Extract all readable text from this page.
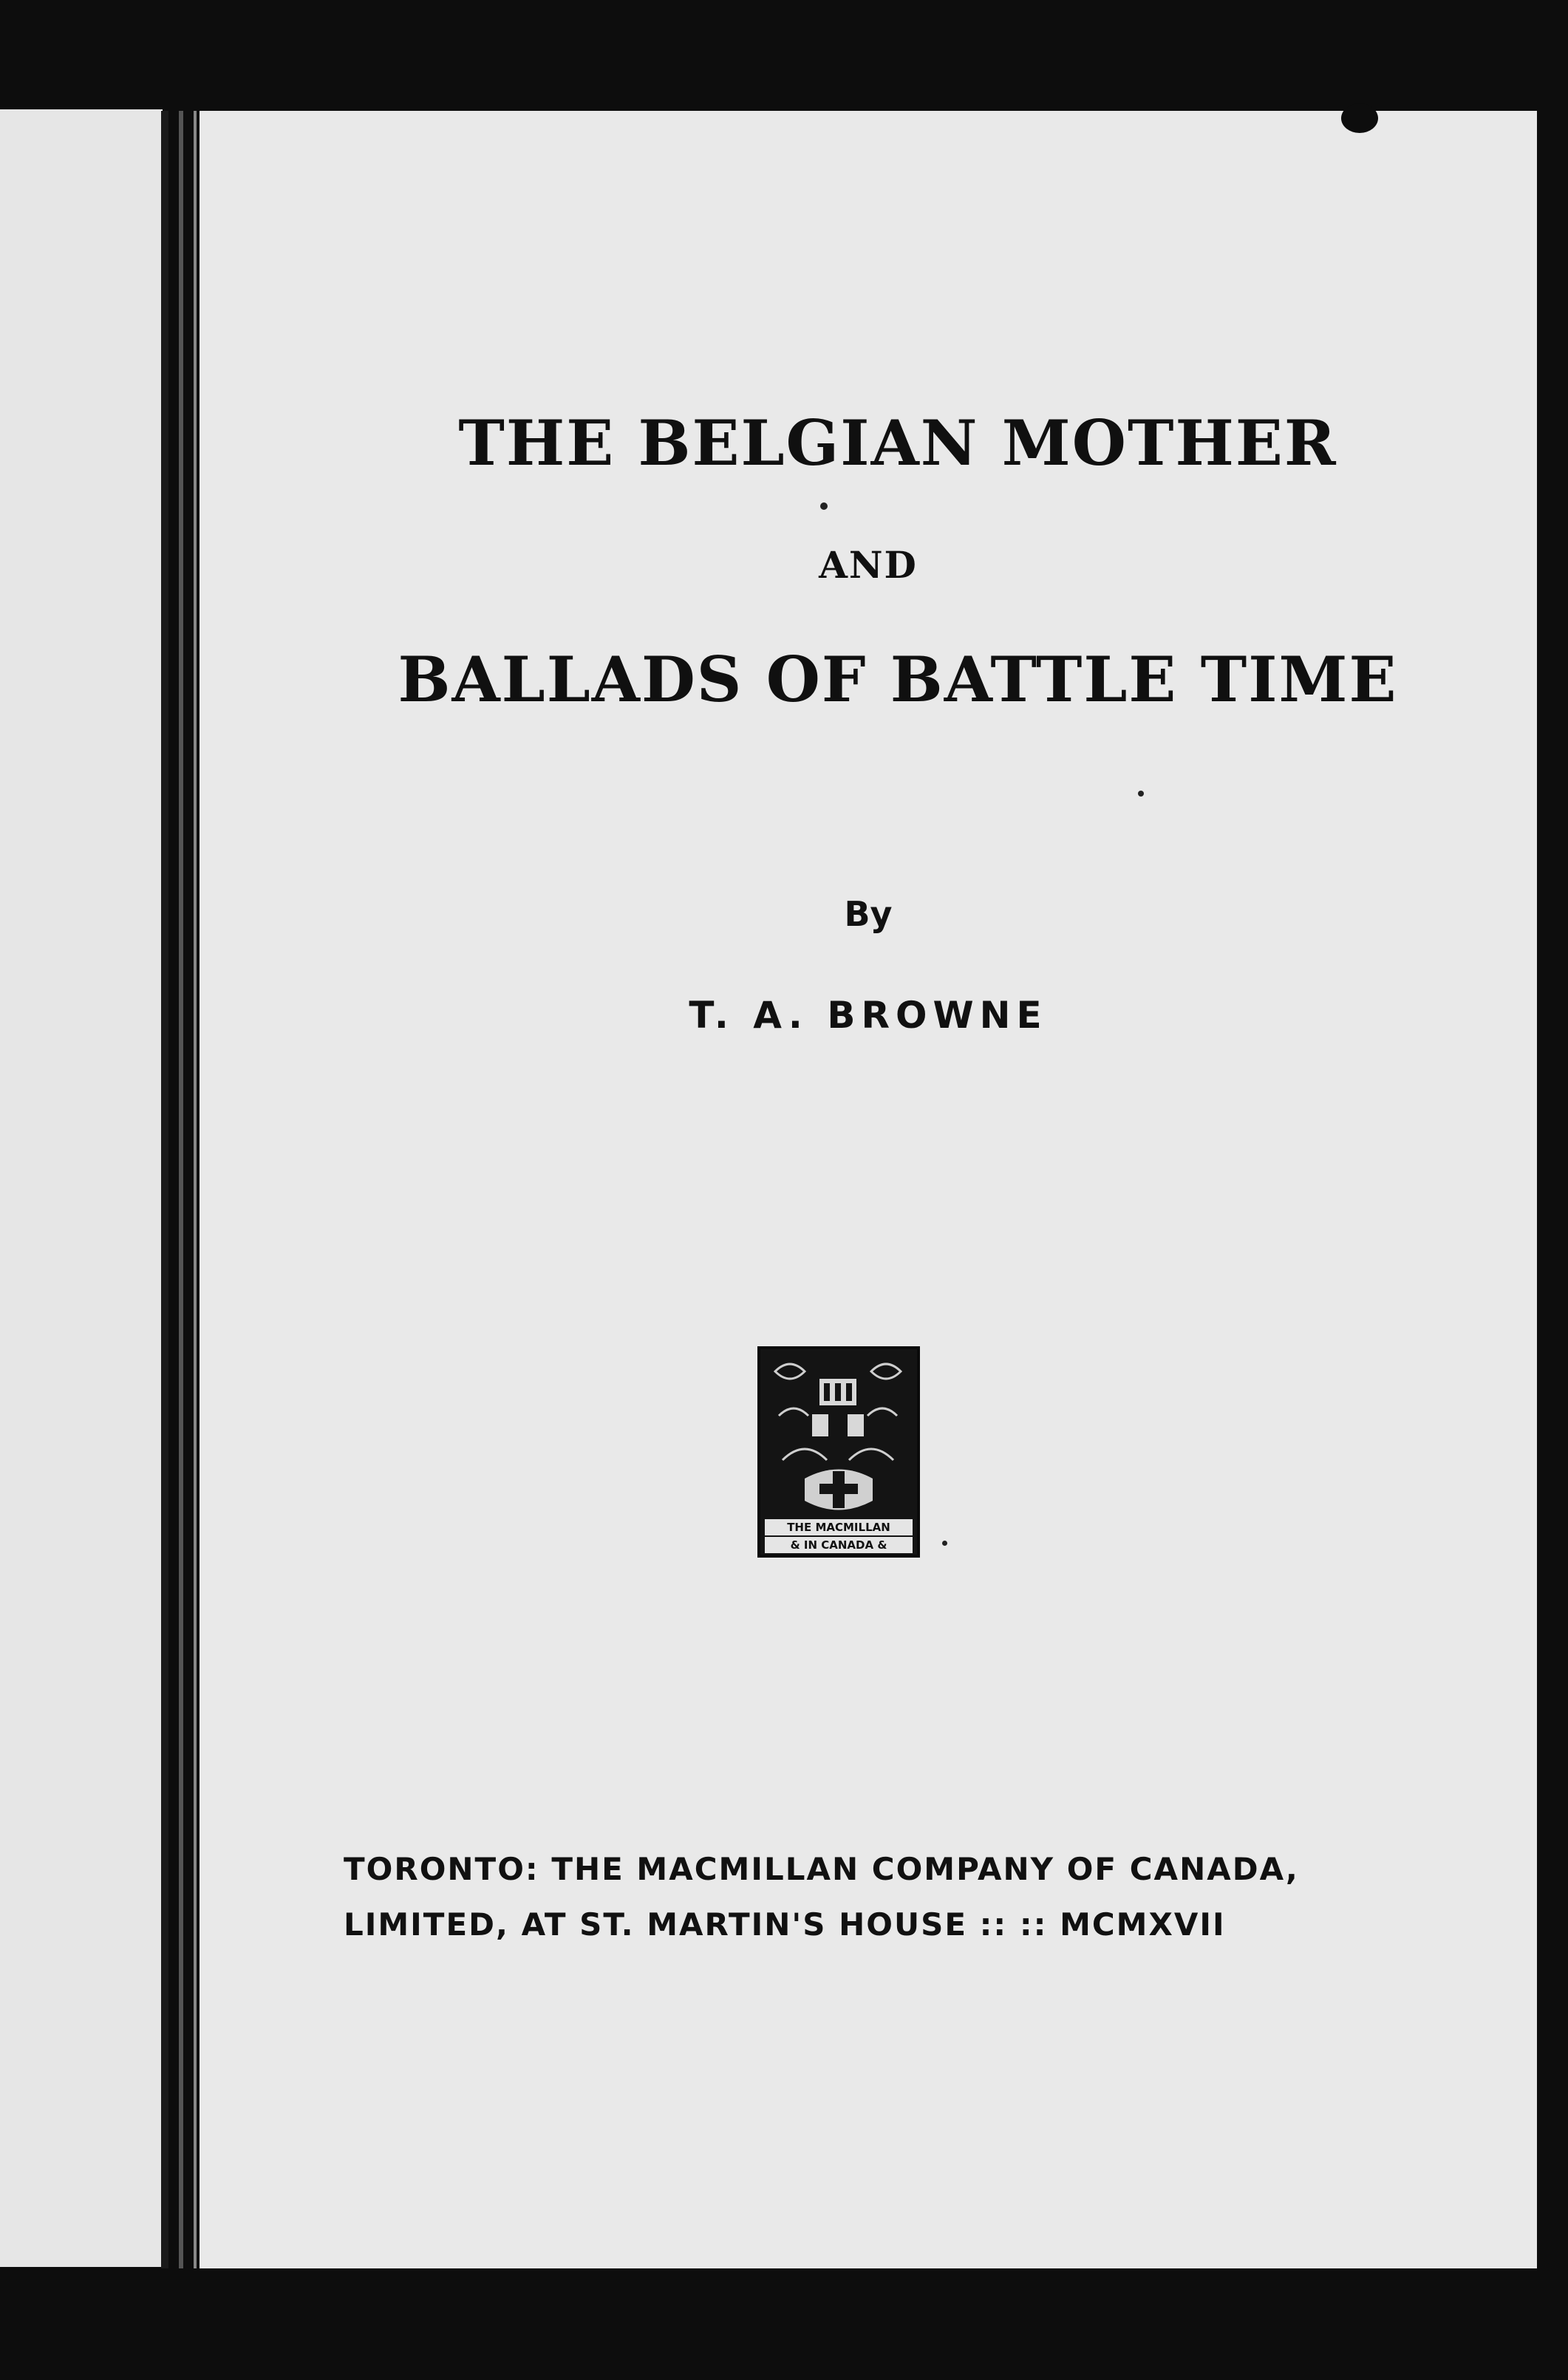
THE BELGIAN MOTHER
AND
BALLADS OF BATTLE TIME
By
T. A. BROWNE
THE MACMILLAN
& IN CANADA &
TORONTO: THE MACMILLAN COMPANY OF CANADA,
LIMITED, AT ST. MARTIN'S HOUSE :: :: MCMXVII
